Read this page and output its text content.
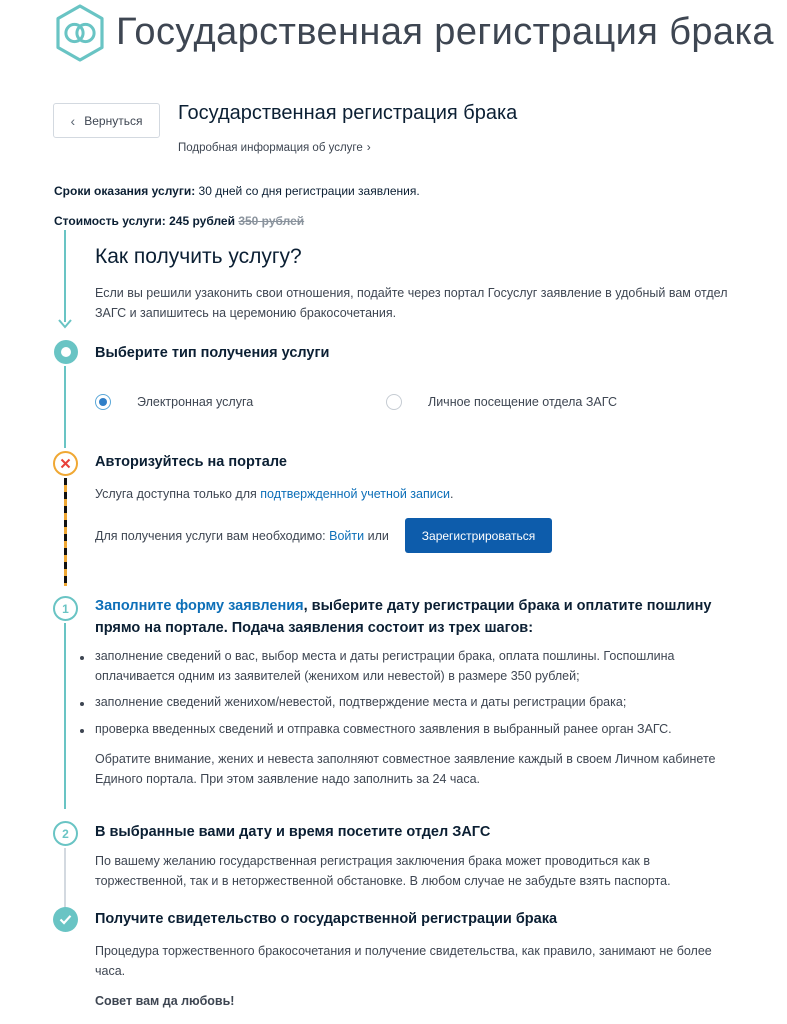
Государственная регистрация брака
‹ Вернуться Государственная регистрация брака
Подробная информация об услуге ›
Сроки оказания услуги: 30 дней со дня регистрации заявления.
Стоимость услуги: 245 рублей 350 рублей
Как получить услугу?
Если вы решили узаконить свои отношения, подайте через портал Госуслуг заявление в удобный вам отдел ЗАГС и запишитесь на церемонию бракосочетания.
Выберите тип получения услуги
Электронная услуга	Личное посещение отдела ЗАГС
Авторизуйтесь на портале
Услуга доступна только для подтвержденной учетной записи.
Для получения услуги вам необходимо: Войти или	Зарегистрироваться
1 Заполните форму заявления, выберите дату регистрации брака и оплатите пошлину
прямо на портале. Подача заявления состоит из трех шагов:
заполнение сведений о вас, выбор места и даты регистрации брака, оплата пошлины. Госпошлина
оплачивается одним из заявителей (женихом или невестой) в размере 350 рублей;
заполнение сведений женихом/невестой, подтверждение места и даты регистрации брака;
проверка введенных сведений и отправка совместного заявления в выбранный ранее орган ЗАГС.
Обратите внимание, жених и невеста заполняют совместное заявление каждый в своем Личном кабинете
Единого портала. При этом заявление надо заполнить за 24 часа.
2 В выбранные вами дату и время посетите отдел ЗАГС
По вашему желанию государственная регистрация заключения брака может проводиться как в
торжественной, так и в неторжественной обстановке. В любом случае не забудьте взять паспорта.
Получите свидетельство о государственной регистрации брака
Процедура торжественного бракосочетания и получение свидетельства, как правило, занимают не более
часа.
Совет вам да любовь!
